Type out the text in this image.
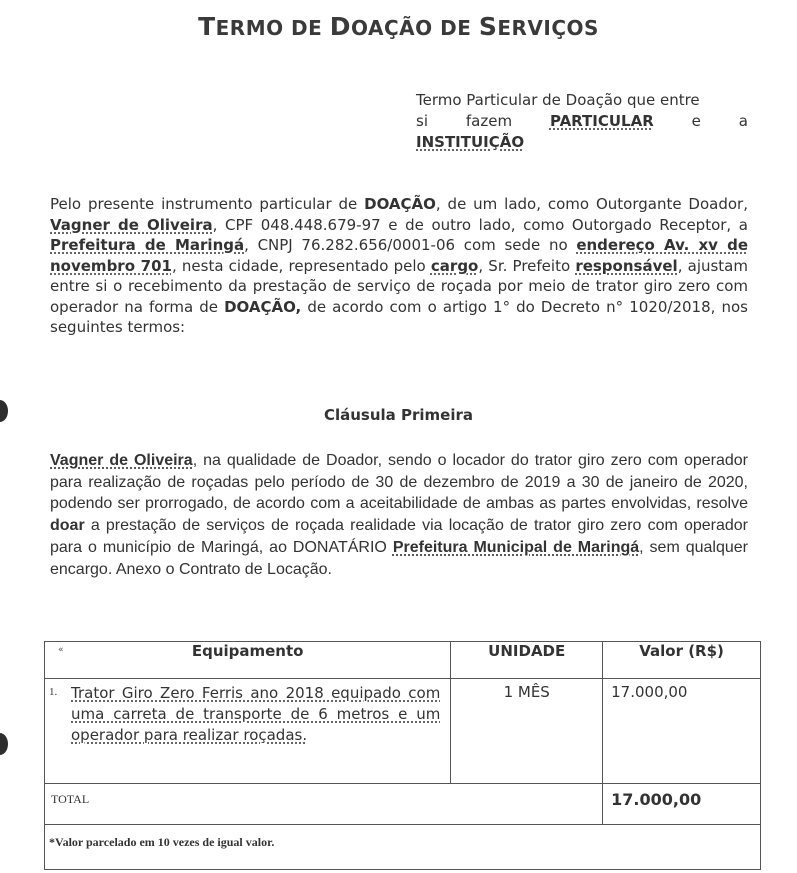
TERMO DE DOAÇÃO DE SERVIÇOS
Termo Particular de Doação que entre
si	fazem	PARTICULAR	e	a
INSTITUIÇÃO
Pelo presente instrumento particular de DOAÇÃO, de um lado, como Outorgante Doador, Vagner de Oliveira, CPF 048.448.679-97 e de outro lado, como Outorgado Receptor, a Prefeitura de Maringá, CNPJ 76.282.656/0001-06 com sede no endereço Av. xv de novembro 701, nesta cidade, representado pelo cargo, Sr. Prefeito responsável, ajustam entre si o recebimento da prestação de serviço de roçada por meio de trator giro zero com operador na forma de DOAÇÃO, de acordo com o artigo 1° do Decreto n° 1020/2018, nos seguintes termos:
Cláusula Primeira
Vagner de Oliveira, na qualidade de Doador, sendo o locador do trator giro zero com operador para realização de roçadas pelo período de 30 de dezembro de 2019 a 30 de janeiro de 2020, podendo ser prorrogado, de acordo com a aceitabilidade de ambas as partes envolvidas, resolve doar a prestação de serviços de roçada realidade via locação de trator giro zero com operador para o município de Maringá, ao DONATÁRIO Prefeitura Municipal de Maringá, sem qualquer encargo. Anexo o Contrato de Locação.
«	Equipamento	UNIDADE	Valor (R$)

1. Trator Giro Zero Ferris ano 2018 equipado com uma carreta de transporte de 6 metros e um operador para realizar roçadas.	1 MÊS	17.000,00
TOTAL		17.000,00
*Valor parcelado em 10 vezes de igual valor.		
